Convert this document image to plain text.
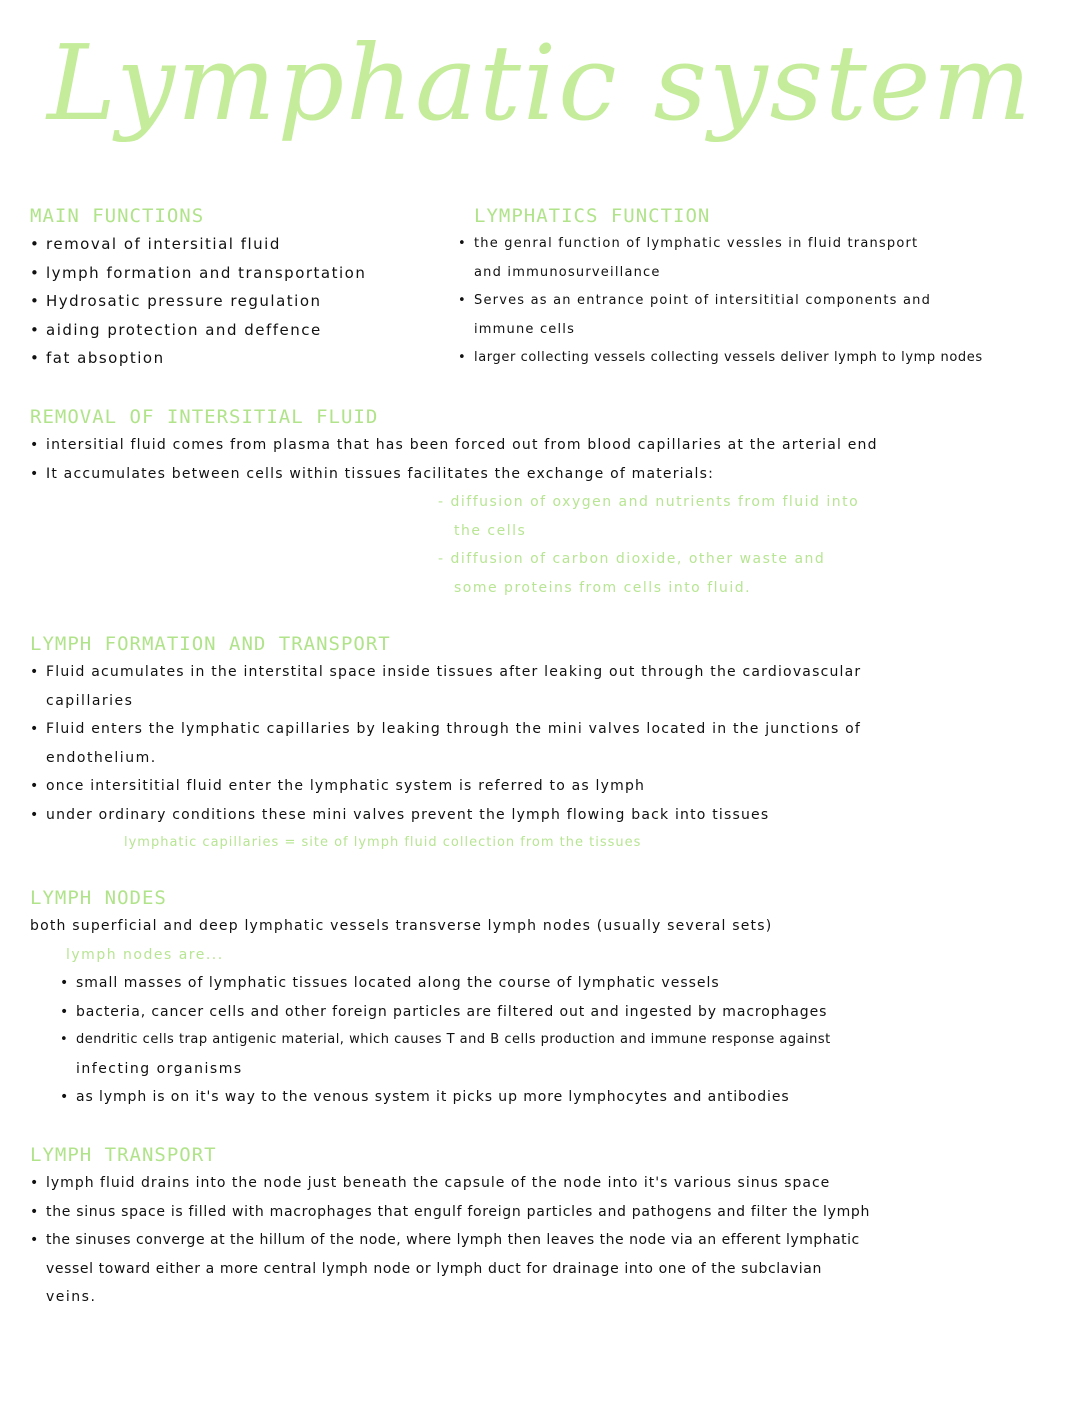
Lymphatic system
MAIN FUNCTIONS
• removal of intersitial fluid
• lymph formation and transportation
• Hydrosatic pressure regulation
• aiding protection and deffence
• fat absoption
LYMPHATICS FUNCTION
• the genral function of lymphatic vessles in fluid transport
and immunosurveillance
• Serves as an entrance point of intersititial components and
immune cells
• larger collecting vessels collecting vessels deliver lymph to lymp nodes
REMOVAL OF INTERSITIAL FLUID
• intersitial fluid comes from plasma that has been forced out from blood capillaries at the arterial end
• It accumulates between cells within tissues facilitates the exchange of materials:
- diffusion of oxygen and nutrients from fluid into
the cells
- diffusion of carbon dioxide, other waste and
some proteins from cells into fluid.
LYMPH FORMATION AND TRANSPORT
• Fluid acumulates in the interstital space inside tissues after leaking out through the cardiovascular
capillaries
• Fluid enters the lymphatic capillaries by leaking through the mini valves located in the junctions of
endothelium.
• once intersititial fluid enter the lymphatic system is referred to as lymph
• under ordinary conditions these mini valves prevent the lymph flowing back into tissues
lymphatic capillaries = site of lymph fluid collection from the tissues
LYMPH NODES
both superficial and deep lymphatic vessels transverse lymph nodes (usually several sets)
lymph nodes are...
• small masses of lymphatic tissues located along the course of lymphatic vessels
• bacteria, cancer cells and other foreign particles are filtered out and ingested by macrophages
• dendritic cells trap antigenic material, which causes T and B cells production and immune response against
infecting organisms
• as lymph is on it's way to the venous system it picks up more lymphocytes and antibodies
LYMPH TRANSPORT
• lymph fluid drains into the node just beneath the capsule of the node into it's various sinus space
• the sinus space is filled with macrophages that engulf foreign particles and pathogens and filter the lymph
• the sinuses converge at the hillum of the node, where lymph then leaves the node via an efferent lymphatic
vessel toward either a more central lymph node or lymph duct for drainage into one of the subclavian
veins.
